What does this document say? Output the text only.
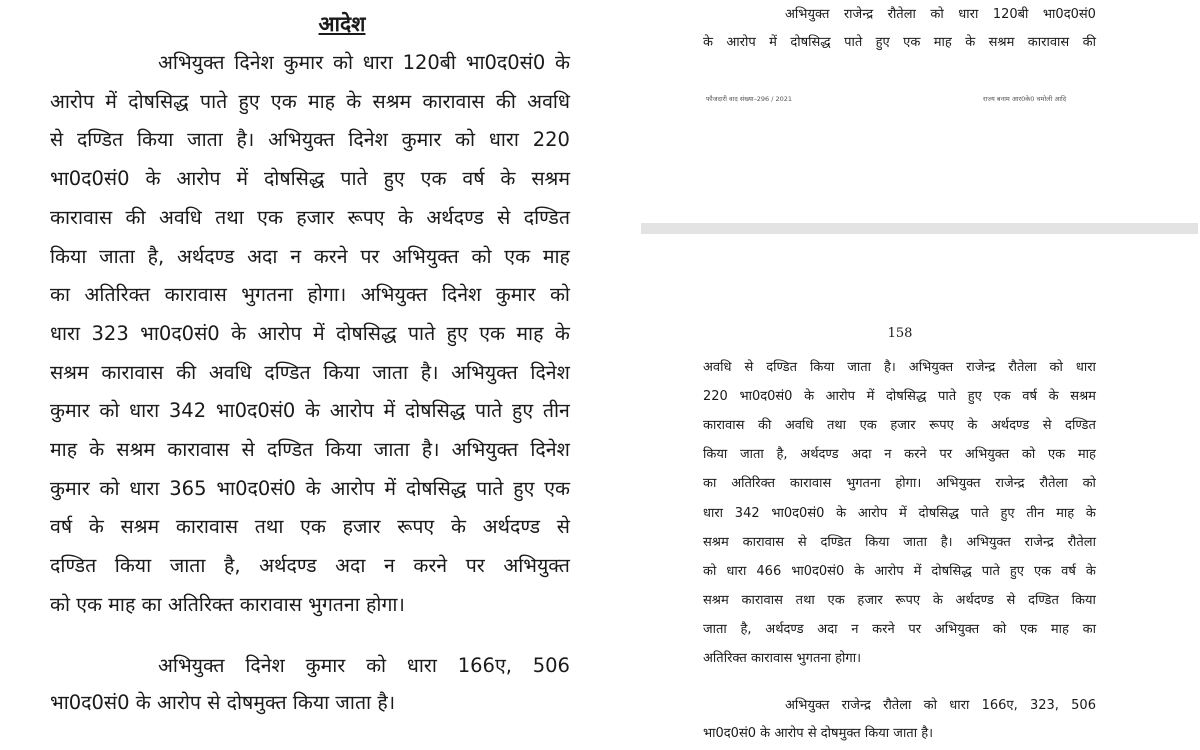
आदेश
अभियुक्त दिनेश कुमार को धारा 120बी भा0द0सं0 के
आरोप में दोषसिद्ध पाते हुए एक माह के सश्रम कारावास की अवधि
से दण्डित किया जाता है। अभियुक्त दिनेश कुमार को धारा 220
भा0द0सं0 के आरोप में दोषसिद्ध पाते हुए एक वर्ष के सश्रम
कारावास की अवधि तथा एक हजार रूपए के अर्थदण्ड से दण्डित
किया जाता है, अर्थदण्ड अदा न करने पर अभियुक्त को एक माह
का अतिरिक्त कारावास भुगतना होगा। अभियुक्त दिनेश कुमार को
धारा 323 भा0द0सं0 के आरोप में दोषसिद्ध पाते हुए एक माह के
सश्रम कारावास की अवधि दण्डित किया जाता है। अभियुक्त दिनेश
कुमार को धारा 342 भा0द0सं0 के आरोप में दोषसिद्ध पाते हुए तीन
माह के सश्रम कारावास से दण्डित किया जाता है। अभियुक्त दिनेश
कुमार को धारा 365 भा0द0सं0 के आरोप में दोषसिद्ध पाते हुए एक
वर्ष के सश्रम कारावास तथा एक हजार रूपए के अर्थदण्ड से
दण्डित किया जाता है, अर्थदण्ड अदा न करने पर अभियुक्त
को एक माह का अतिरिक्त कारावास भुगतना होगा।
अभियुक्त दिनेश कुमार को धारा 166ए, 506
भा0द0सं0 के आरोप से दोषमुक्त किया जाता है।
अभियुक्त राजेन्द्र रौतेला को धारा 120बी भा0द0सं0
के आरोप में दोषसिद्ध पाते हुए एक माह के सश्रम कारावास की
फौजदारी वाद संख्या–296 / 2021	राज्य बनाम आर0के0 चमोली आदि
158
अवधि से दण्डित किया जाता है। अभियुक्त राजेन्द्र रौतेला को धारा
220 भा0द0सं0 के आरोप में दोषसिद्ध पाते हुए एक वर्ष के सश्रम
कारावास की अवधि तथा एक हजार रूपए के अर्थदण्ड से दण्डित
किया जाता है, अर्थदण्ड अदा न करने पर अभियुक्त को एक माह
का अतिरिक्त कारावास भुगतना होगा। अभियुक्त राजेन्द्र रौतेला को
धारा 342 भा0द0सं0 के आरोप में दोषसिद्ध पाते हुए तीन माह के
सश्रम कारावास से दण्डित किया जाता है। अभियुक्त राजेन्द्र रौतेला
को धारा 466 भा0द0सं0 के आरोप में दोषसिद्ध पाते हुए एक वर्ष के
सश्रम कारावास तथा एक हजार रूपए के अर्थदण्ड से दण्डित किया
जाता है, अर्थदण्ड अदा न करने पर अभियुक्त को एक माह का
अतिरिक्त कारावास भुगतना होगा।
अभियुक्त राजेन्द्र रौतेला को धारा 166ए, 323, 506
भा0द0सं0 के आरोप से दोषमुक्त किया जाता है।
